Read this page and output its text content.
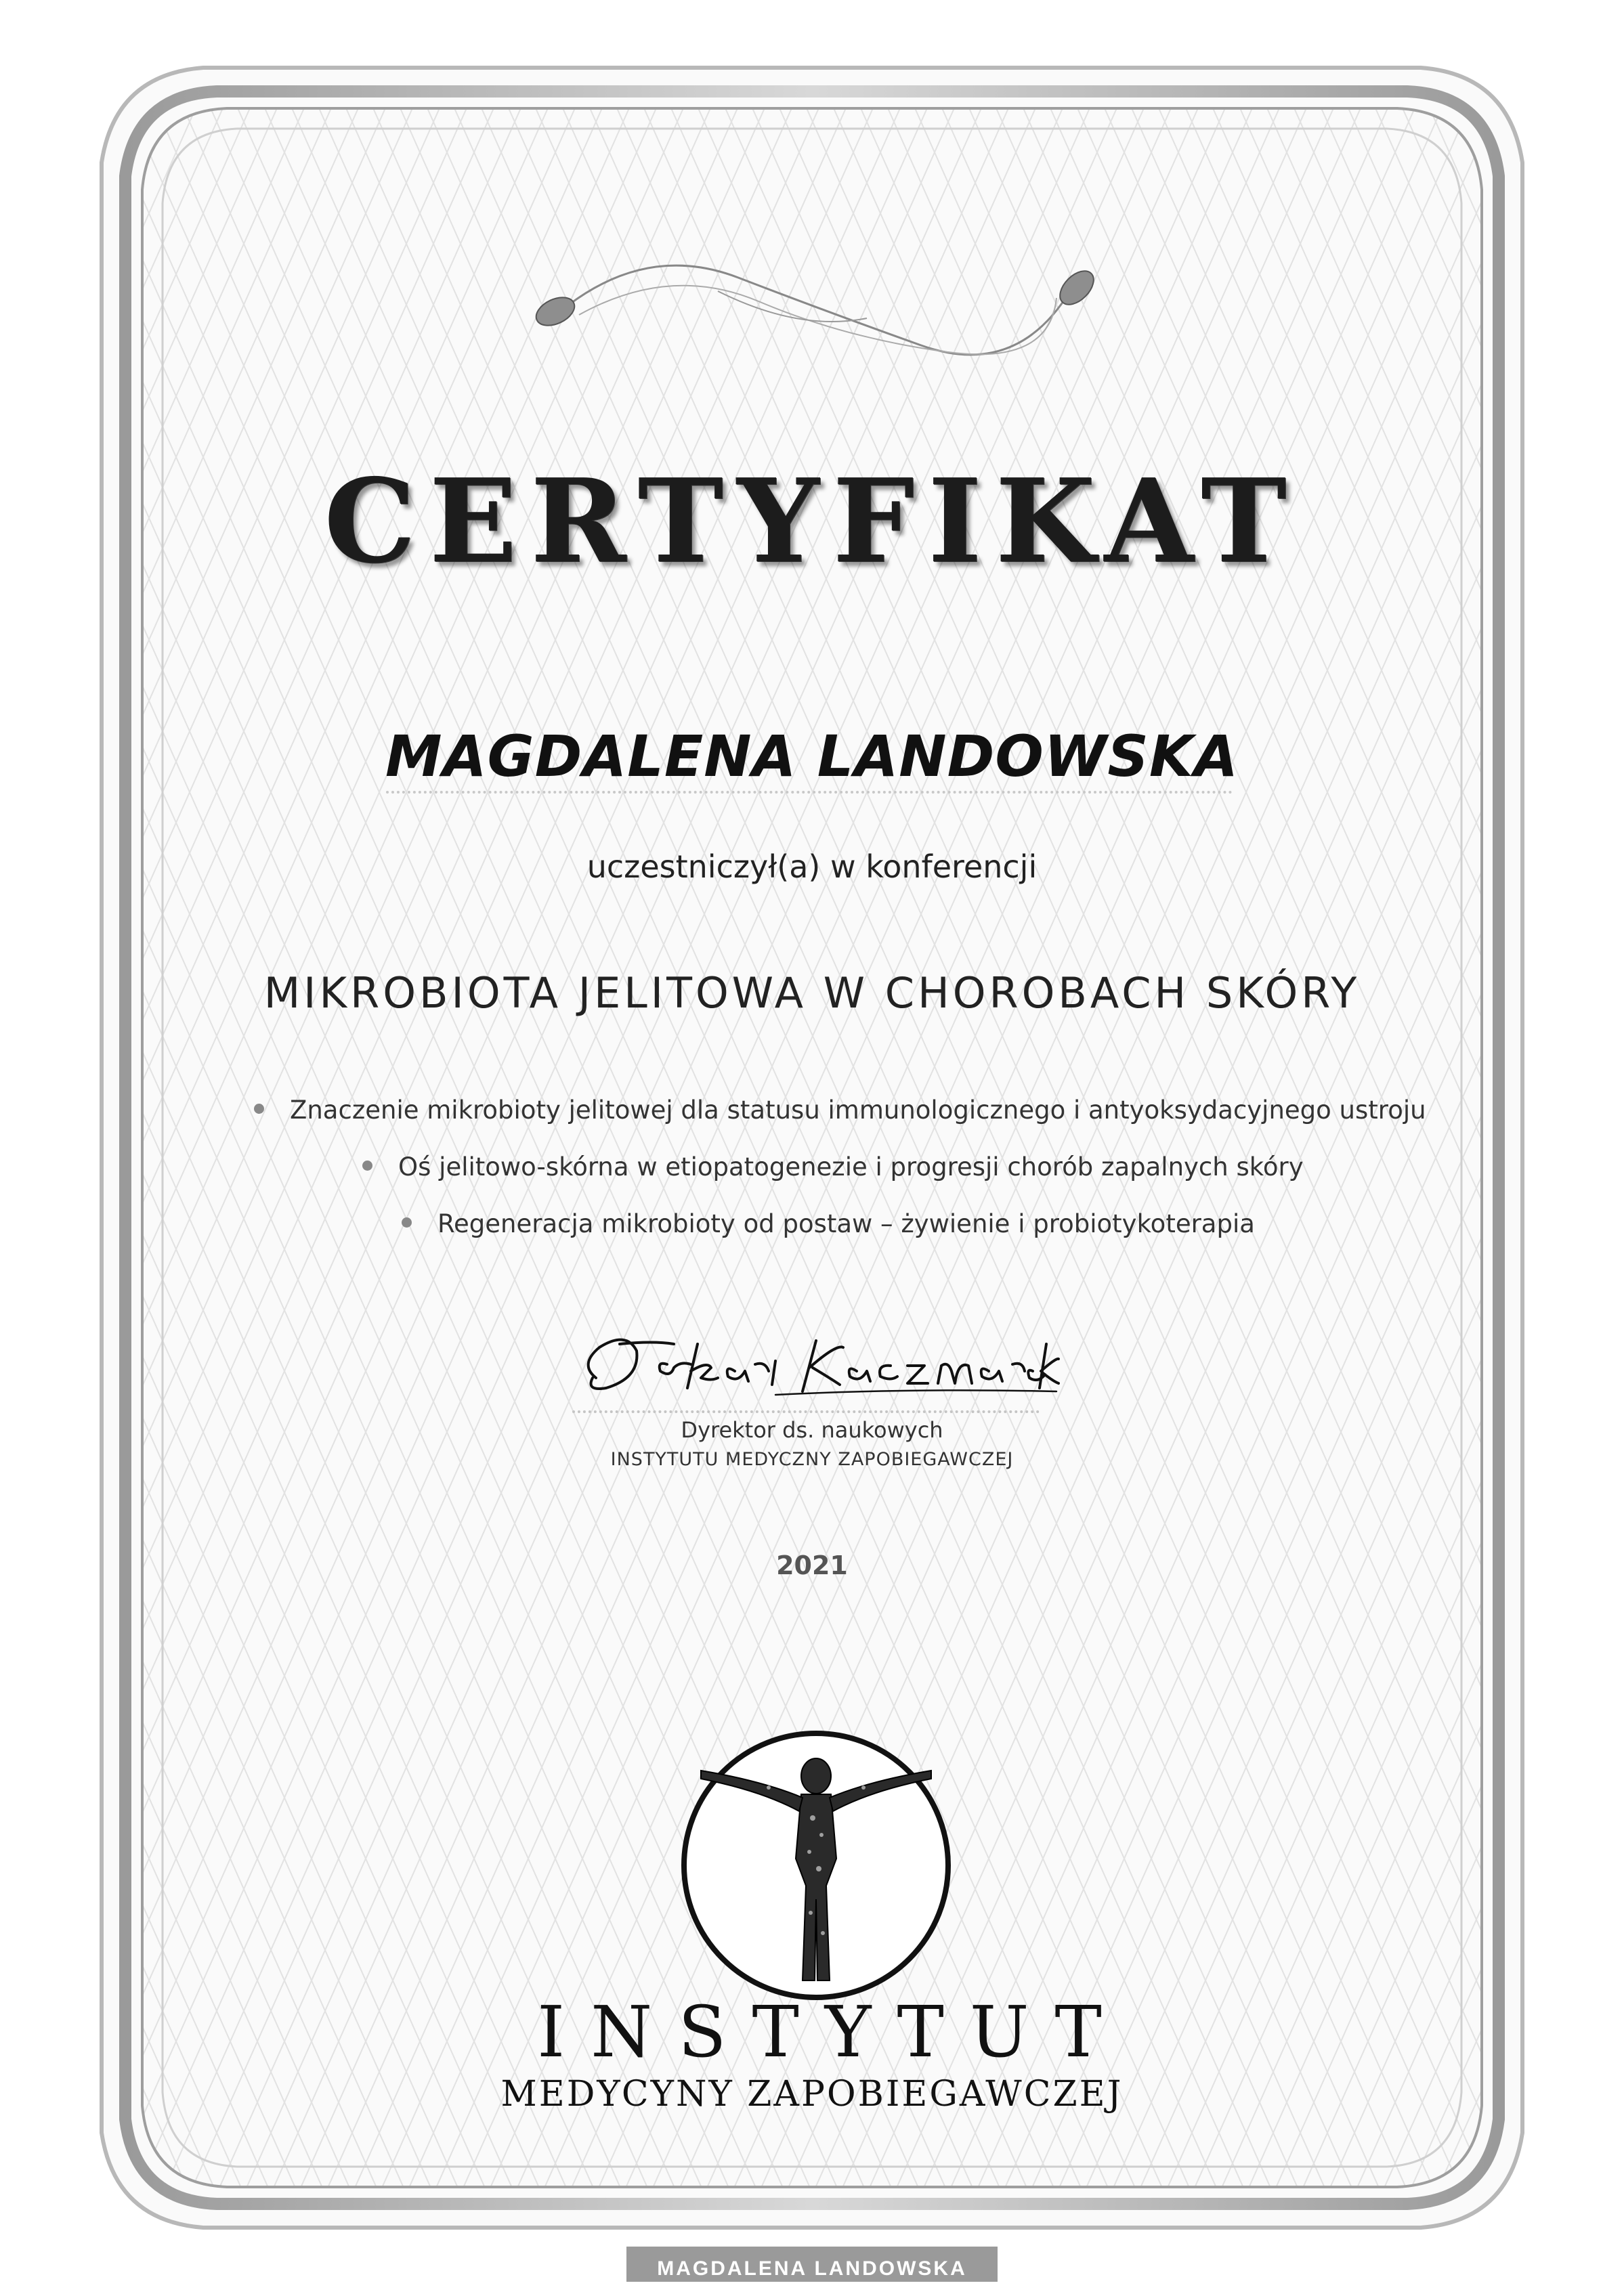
CERTYFIKAT
MAGDALENA LANDOWSKA
uczestniczył(a) w konferencji
MIKROBIOTA JELITOWA W CHOROBACH SKÓRY
Znaczenie mikrobioty jelitowej dla statusu immunologicznego i antyoksydacyjnego ustroju
Oś jelitowo-skórna w etiopatogenezie i progresji chorób zapalnych skóry
Regeneracja mikrobioty od postaw – żywienie i probiotykoterapia
Dyrektor ds. naukowych
INSTYTUTU MEDYCZNY ZAPOBIEGAWCZEJ
2021
INSTYTUT
MEDYCYNY ZAPOBIEGAWCZEJ
MAGDALENA LANDOWSKA
